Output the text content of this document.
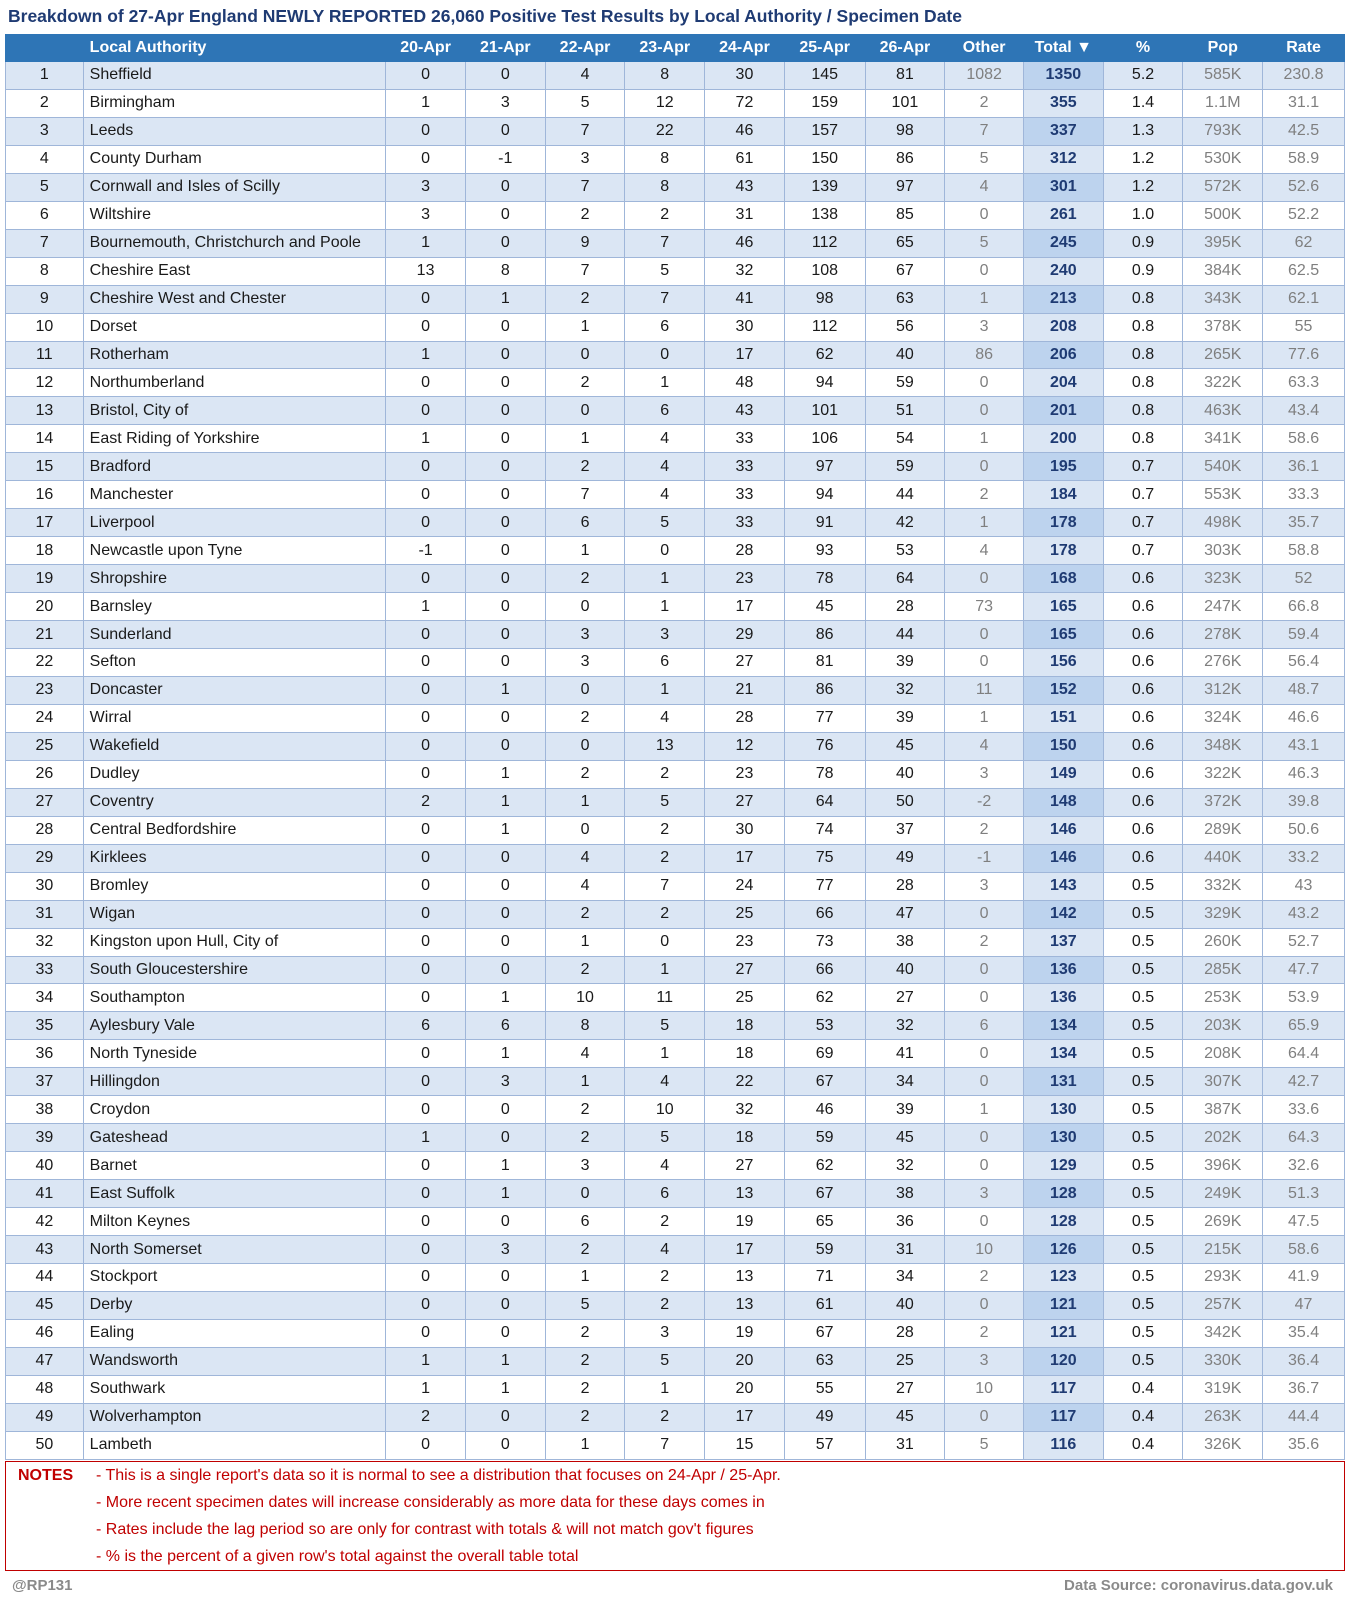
Breakdown of 27-Apr England NEWLY REPORTED 26,060 Positive Test Results by Local Authority / Specimen Date
	Local Authority	20-Apr	21-Apr	22-Apr	23-Apr	24-Apr	25-Apr	26-Apr	Other	Total ▼	%	Pop	Rate
1	Sheffield	0	0	4	8	30	145	81	1082	1350	5.2	585K	230.8
2	Birmingham	1	3	5	12	72	159	101	2	355	1.4	1.1M	31.1
3	Leeds	0	0	7	22	46	157	98	7	337	1.3	793K	42.5
4	County Durham	0	-1	3	8	61	150	86	5	312	1.2	530K	58.9
5	Cornwall and Isles of Scilly	3	0	7	8	43	139	97	4	301	1.2	572K	52.6
6	Wiltshire	3	0	2	2	31	138	85	0	261	1.0	500K	52.2
7	Bournemouth, Christchurch and Poole	1	0	9	7	46	112	65	5	245	0.9	395K	62
8	Cheshire East	13	8	7	5	32	108	67	0	240	0.9	384K	62.5
9	Cheshire West and Chester	0	1	2	7	41	98	63	1	213	0.8	343K	62.1
10	Dorset	0	0	1	6	30	112	56	3	208	0.8	378K	55
11	Rotherham	1	0	0	0	17	62	40	86	206	0.8	265K	77.6
12	Northumberland	0	0	2	1	48	94	59	0	204	0.8	322K	63.3
13	Bristol, City of	0	0	0	6	43	101	51	0	201	0.8	463K	43.4
14	East Riding of Yorkshire	1	0	1	4	33	106	54	1	200	0.8	341K	58.6
15	Bradford	0	0	2	4	33	97	59	0	195	0.7	540K	36.1
16	Manchester	0	0	7	4	33	94	44	2	184	0.7	553K	33.3
17	Liverpool	0	0	6	5	33	91	42	1	178	0.7	498K	35.7
18	Newcastle upon Tyne	-1	0	1	0	28	93	53	4	178	0.7	303K	58.8
19	Shropshire	0	0	2	1	23	78	64	0	168	0.6	323K	52
20	Barnsley	1	0	0	1	17	45	28	73	165	0.6	247K	66.8
21	Sunderland	0	0	3	3	29	86	44	0	165	0.6	278K	59.4
22	Sefton	0	0	3	6	27	81	39	0	156	0.6	276K	56.4
23	Doncaster	0	1	0	1	21	86	32	11	152	0.6	312K	48.7
24	Wirral	0	0	2	4	28	77	39	1	151	0.6	324K	46.6
25	Wakefield	0	0	0	13	12	76	45	4	150	0.6	348K	43.1
26	Dudley	0	1	2	2	23	78	40	3	149	0.6	322K	46.3
27	Coventry	2	1	1	5	27	64	50	-2	148	0.6	372K	39.8
28	Central Bedfordshire	0	1	0	2	30	74	37	2	146	0.6	289K	50.6
29	Kirklees	0	0	4	2	17	75	49	-1	146	0.6	440K	33.2
30	Bromley	0	0	4	7	24	77	28	3	143	0.5	332K	43
31	Wigan	0	0	2	2	25	66	47	0	142	0.5	329K	43.2
32	Kingston upon Hull, City of	0	0	1	0	23	73	38	2	137	0.5	260K	52.7
33	South Gloucestershire	0	0	2	1	27	66	40	0	136	0.5	285K	47.7
34	Southampton	0	1	10	11	25	62	27	0	136	0.5	253K	53.9
35	Aylesbury Vale	6	6	8	5	18	53	32	6	134	0.5	203K	65.9
36	North Tyneside	0	1	4	1	18	69	41	0	134	0.5	208K	64.4
37	Hillingdon	0	3	1	4	22	67	34	0	131	0.5	307K	42.7
38	Croydon	0	0	2	10	32	46	39	1	130	0.5	387K	33.6
39	Gateshead	1	0	2	5	18	59	45	0	130	0.5	202K	64.3
40	Barnet	0	1	3	4	27	62	32	0	129	0.5	396K	32.6
41	East Suffolk	0	1	0	6	13	67	38	3	128	0.5	249K	51.3
42	Milton Keynes	0	0	6	2	19	65	36	0	128	0.5	269K	47.5
43	North Somerset	0	3	2	4	17	59	31	10	126	0.5	215K	58.6
44	Stockport	0	0	1	2	13	71	34	2	123	0.5	293K	41.9
45	Derby	0	0	5	2	13	61	40	0	121	0.5	257K	47
46	Ealing	0	0	2	3	19	67	28	2	121	0.5	342K	35.4
47	Wandsworth	1	1	2	5	20	63	25	3	120	0.5	330K	36.4
48	Southwark	1	1	2	1	20	55	27	10	117	0.4	319K	36.7
49	Wolverhampton	2	0	2	2	17	49	45	0	117	0.4	263K	44.4
50	Lambeth	0	0	1	7	15	57	31	5	116	0.4	326K	35.6
NOTES - This is a single report's data so it is normal to see a distribution that focuses on 24-Apr / 25-Apr.
- More recent specimen dates will increase considerably as more data for these days comes in
- Rates include the lag period so are only for contrast with totals & will not match gov't figures
- % is the percent of a given row's total against the overall table total
@RP131	Data Source: coronavirus.data.gov.uk
